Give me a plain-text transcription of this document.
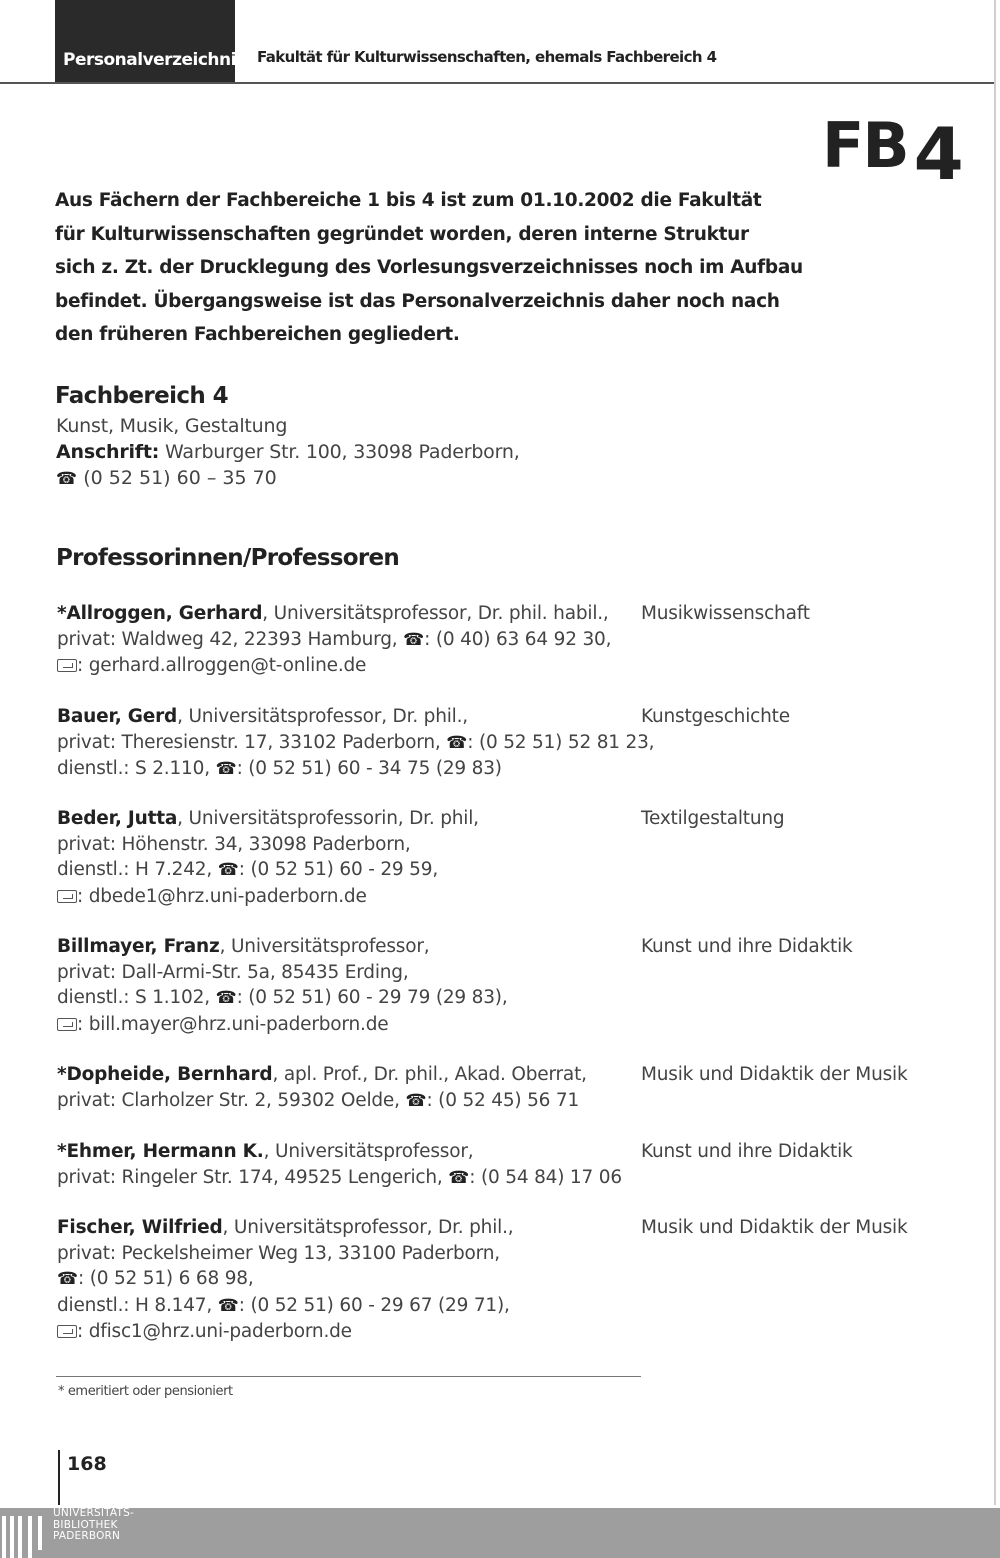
Personalverzeichnis Fakultät für Kulturwissenschaften, ehemals Fachbereich 4
FB4
Aus Fächern der Fachbereiche 1 bis 4 ist zum 01.10.2002 die Fakultät
für Kulturwissenschaften gegründet worden, deren interne Struktur
sich z. Zt. der Drucklegung des Vorlesungsverzeichnisses noch im Aufbau
befindet. Übergangsweise ist das Personalverzeichnis daher noch nach
den früheren Fachbereichen gegliedert.
Fachbereich 4
Kunst, Musik, Gestaltung
Anschrift: Warburger Str. 100, 33098 Paderborn,
☎ (0 52 51) 60 – 35 70
Professorinnen/Professoren
*Allroggen, Gerhard, Universitätsprofessor, Dr. phil. habil.,
privat: Waldweg 42, 22393 Hamburg, ☎: (0 40) 63 64 92 30,
: gerhard.allroggen@t-online.de
Musikwissenschaft
Bauer, Gerd, Universitätsprofessor, Dr. phil.,
privat: Theresienstr. 17, 33102 Paderborn, ☎: (0 52 51) 52 81 23,
dienstl.: S 2.110, ☎: (0 52 51) 60 - 34 75 (29 83)
Kunstgeschichte
Beder, Jutta, Universitätsprofessorin, Dr. phil,
privat: Höhenstr. 34, 33098 Paderborn,
dienstl.: H 7.242, ☎: (0 52 51) 60 - 29 59,
: dbede1@hrz.uni-paderborn.de
Textilgestaltung
Billmayer, Franz, Universitätsprofessor,
privat: Dall-Armi-Str. 5a, 85435 Erding,
dienstl.: S 1.102, ☎: (0 52 51) 60 - 29 79 (29 83),
: bill.mayer@hrz.uni-paderborn.de
Kunst und ihre Didaktik
*Dopheide, Bernhard, apl. Prof., Dr. phil., Akad. Oberrat,
privat: Clarholzer Str. 2, 59302 Oelde, ☎: (0 52 45) 56 71
Musik und Didaktik der Musik
*Ehmer, Hermann K., Universitätsprofessor,
privat: Ringeler Str. 174, 49525 Lengerich, ☎: (0 54 84) 17 06
Kunst und ihre Didaktik
Fischer, Wilfried, Universitätsprofessor, Dr. phil.,
privat: Peckelsheimer Weg 13, 33100 Paderborn,
☎: (0 52 51) 6 68 98,
dienstl.: H 8.147, ☎: (0 52 51) 60 - 29 67 (29 71),
: dfisc1@hrz.uni-paderborn.de
Musik und Didaktik der Musik
* emeritiert oder pensioniert
168
UNIVERSITÄTS-
BIBLIOTHEK
PADERBORN
